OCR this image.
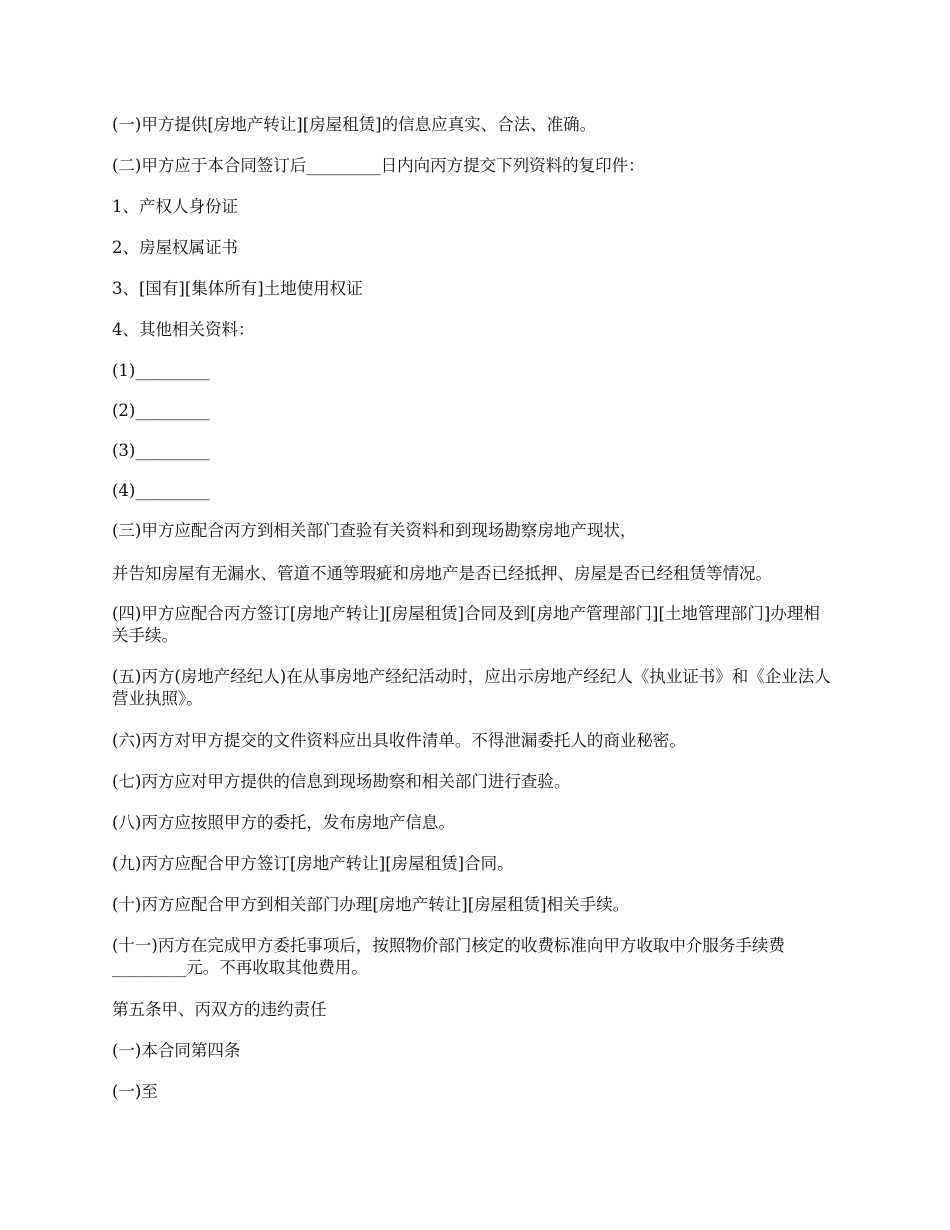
(一)甲方提供[房地产转让][房屋租赁]的信息应真实、合法、准确。

(二)甲方应于本合同签订后_________日内向丙方提交下列资料的复印件：

1、产权人身份证

2、房屋权属证书

3、[国有][集体所有]土地使用权证

4、其他相关资料：

(1)_________

(2)_________

(3)_________

(4)_________

(三)甲方应配合丙方到相关部门查验有关资料和到现场勘察房地产现状，

并告知房屋有无漏水、管道不通等瑕疵和房地产是否已经抵押、房屋是否已经租赁等情况。

(四)甲方应配合丙方签订[房地产转让][房屋租赁]合同及到[房地产管理部门][土地管理部门]办理相关手续。

(五)丙方(房地产经纪人)在从事房地产经纪活动时，应出示房地产经纪人《执业证书》和《企业法人营业执照》。

(六)丙方对甲方提交的文件资料应出具收件清单。不得泄漏委托人的商业秘密。

(七)丙方应对甲方提供的信息到现场勘察和相关部门进行查验。

(八)丙方应按照甲方的委托，发布房地产信息。

(九)丙方应配合甲方签订[房地产转让][房屋租赁]合同。

(十)丙方应配合甲方到相关部门办理[房地产转让][房屋租赁]相关手续。

(十一)丙方在完成甲方委托事项后，按照物价部门核定的收费标准向甲方收取中介服务手续费_________元。不再收取其他费用。

第五条甲、丙双方的违约责任

(一)本合同第四条

(一)至
